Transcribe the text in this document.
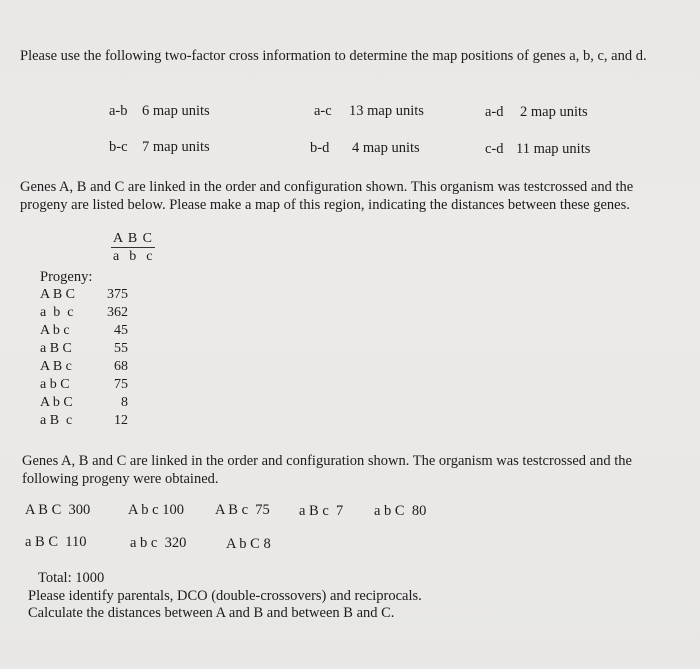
Please use the following two-factor cross information to determine the map positions of genes a, b, c, and d.
a-b 6 map units	a-c 13 map units	a-d 2 map units
b-c 7 map units	b-d 4 map units	c-d 11 map units
Genes A, B and C are linked in the order and configuration shown. This organism was testcrossed and the progeny are listed below. Please make a map of this region, indicating the distances between these genes.
A B C
a  b  c
Progeny:
A B C 375
a  b  c 362
A b c	45
a B C	55
A B c	68
a b C	75
A b C	8
a B  c	12
Genes A, B and C are linked in the order and configuration shown. The organism was testcrossed and the following progeny were obtained.
A B C  300	A b c 100 A B c  75 a B c  7 a b C  80
a B C  110	a b c  320	A b C 8
Total: 1000
Please identify parentals, DCO (double-crossovers) and reciprocals.
Calculate the distances between A and B and between B and C.
